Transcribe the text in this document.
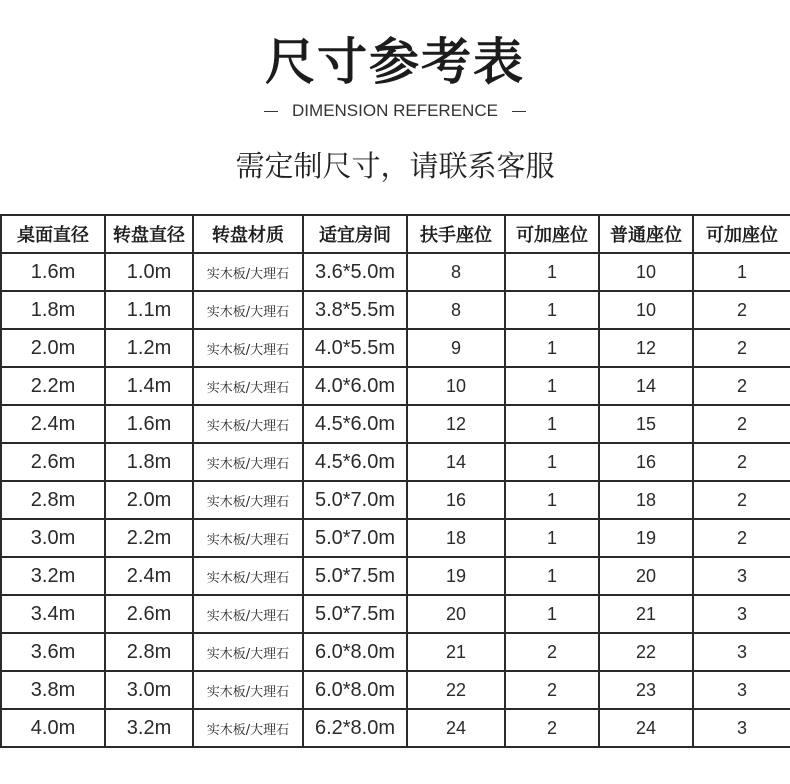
尺寸参考表
DIMENSION REFERENCE
需定制尺寸，请联系客服
桌面直径	转盘直径	转盘材质	适宜房间	扶手座位	可加座位	普通座位	可加座位
1.6m	1.0m	实木板/大理石	3.6*5.0m	8	1	10	1
1.8m	1.1m	实木板/大理石	3.8*5.5m	8	1	10	2
2.0m	1.2m	实木板/大理石	4.0*5.5m	9	1	12	2
2.2m	1.4m	实木板/大理石	4.0*6.0m	10	1	14	2
2.4m	1.6m	实木板/大理石	4.5*6.0m	12	1	15	2
2.6m	1.8m	实木板/大理石	4.5*6.0m	14	1	16	2
2.8m	2.0m	实木板/大理石	5.0*7.0m	16	1	18	2
3.0m	2.2m	实木板/大理石	5.0*7.0m	18	1	19	2
3.2m	2.4m	实木板/大理石	5.0*7.5m	19	1	20	3
3.4m	2.6m	实木板/大理石	5.0*7.5m	20	1	21	3
3.6m	2.8m	实木板/大理石	6.0*8.0m	21	2	22	3
3.8m	3.0m	实木板/大理石	6.0*8.0m	22	2	23	3
4.0m	3.2m	实木板/大理石	6.2*8.0m	24	2	24	3
